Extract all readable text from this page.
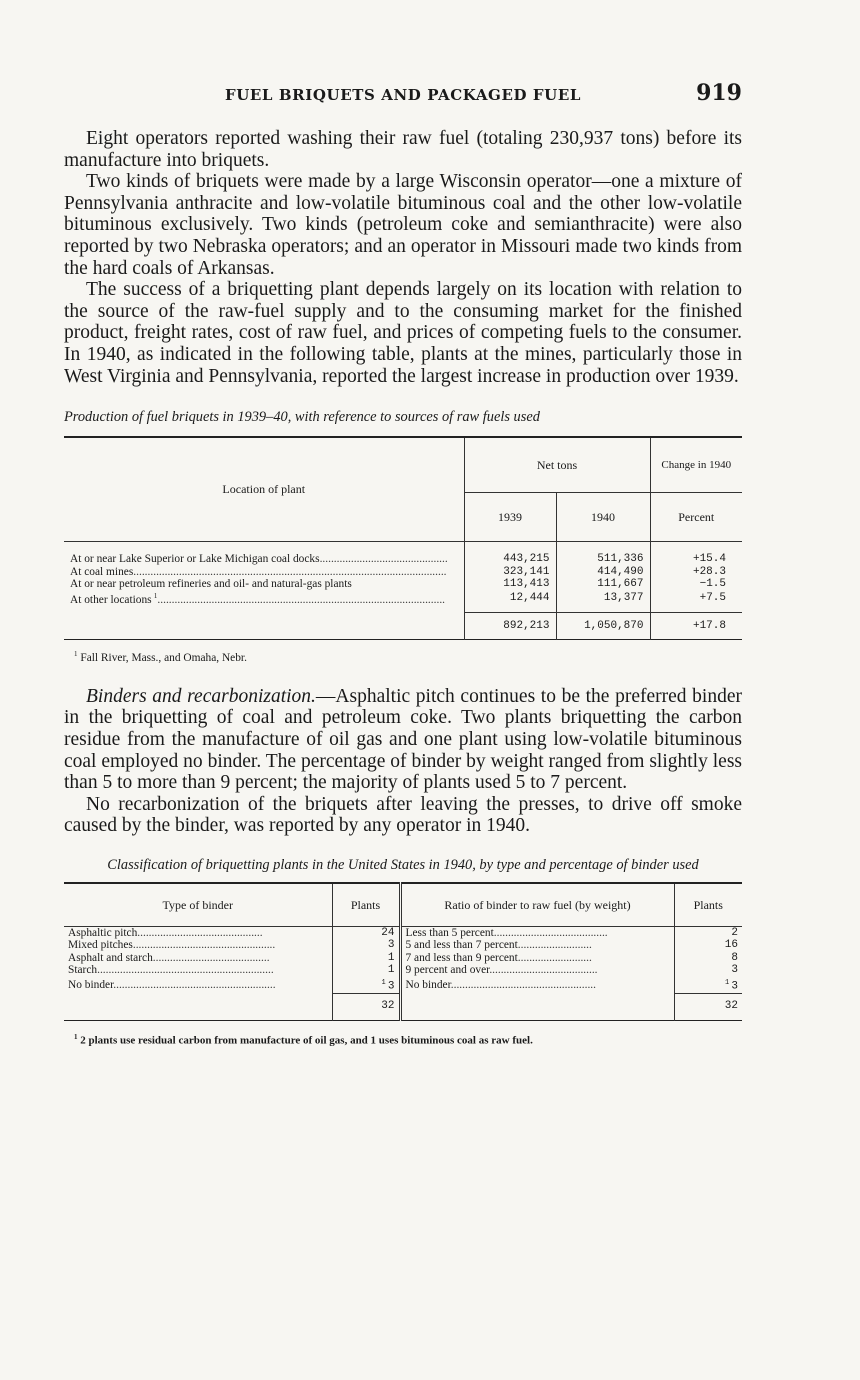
FUEL BRIQUETS AND PACKAGED FUEL	919

Eight operators reported washing their raw fuel (totaling 230,937 tons) before its manufacture into briquets.

Two kinds of briquets were made by a large Wisconsin operator—one a mixture of Pennsylvania anthracite and low-volatile bituminous coal and the other low-volatile bituminous exclusively. Two kinds (petroleum coke and semianthracite) were also reported by two Nebraska operators; and an operator in Missouri made two kinds from the hard coals of Arkansas.

The success of a briquetting plant depends largely on its location with relation to the source of the raw-fuel supply and to the consuming market for the finished product, freight rates, cost of raw fuel, and prices of competing fuels to the consumer. In 1940, as indicated in the following table, plants at the mines, particularly those in West Virginia and Pennsylvania, reported the largest increase in production over 1939.

Production of fuel briquets in 1939–40, with reference to sources of raw fuels used

Location of plant	Net tons		Change in 1940
	1939	1940	Percent
At or near Lake Superior or Lake Michigan coal docks.............................................	443,215	511,336	+15.4
At coal mines..............................................................................................................	323,141	414,490	+28.3
At or near petroleum refineries and oil- and natural-gas plants	113,413	111,667	−1.5
At other locations  $^1$.....................................................................................................	12,444	13,377	+7.5
	892,213	1,050,870	+17.8
$^1$ Fall River, Mass., and Omaha, Nebr.

Binders and recarbonization.—Asphaltic pitch continues to be the preferred binder in the briquetting of coal and petroleum coke. Two plants briquetting the carbon residue from the manufacture of oil gas and one plant using low-volatile bituminous coal employed no binder. The percentage of binder by weight ranged from slightly less than 5 to more than 9 percent; the majority of plants used 5 to 7 percent.

No recarbonization of the briquets after leaving the presses, to drive off smoke caused by the binder, was reported by any operator in 1940.

Classification of briquetting plants in the United States in 1940, by type and percentage of binder used

Type of binder	Plants	Ratio of binder to raw fuel (by weight)	Plants
Asphaltic pitch............................................	24	Less than 5 percent........................................	2
Mixed pitches..................................................	3	5 and less than 7 percent..........................	16
Asphalt and starch.........................................	1	7 and less than 9 percent..........................	8
Starch..............................................................	1	9 percent and over......................................	3
No binder.........................................................	$^1$  3	No binder...................................................	$^1$  3
	32		32
$^1$ 2 plants use residual carbon from manufacture of oil gas, and 1 uses bituminous coal as raw fuel.
